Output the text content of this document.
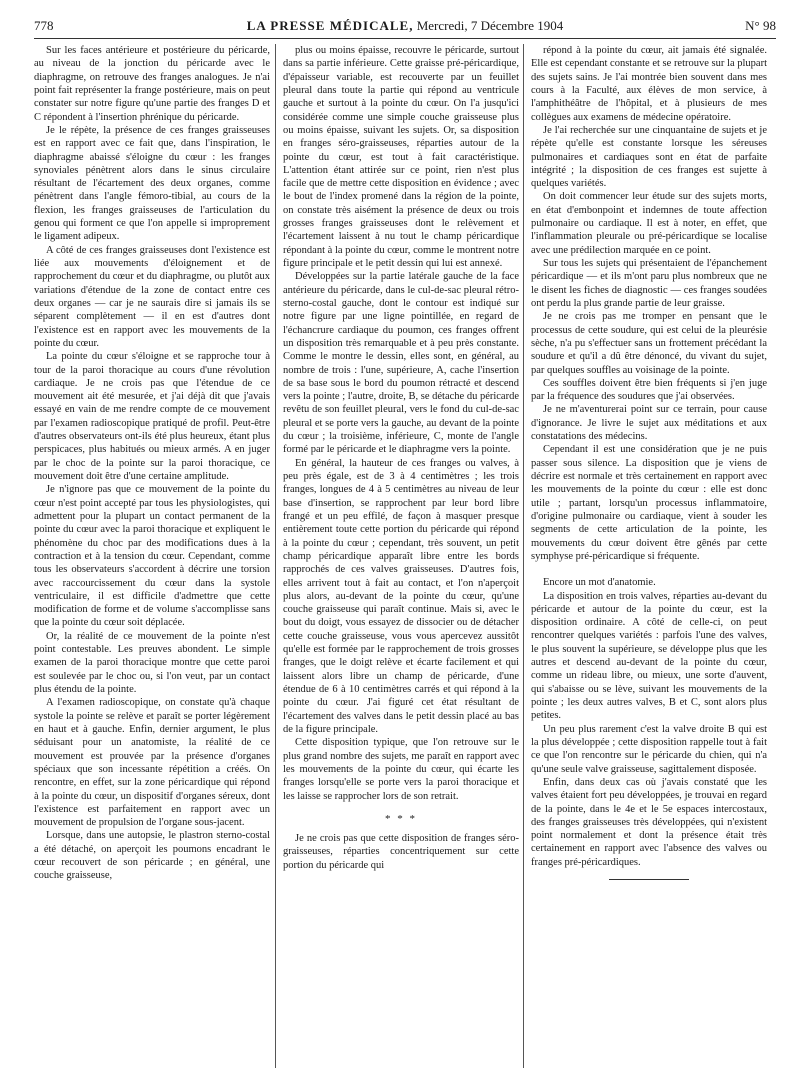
778	LA PRESSE MÉDICALE, Mercredi, 7 Décembre 1904	N° 98

Sur les faces antérieure et postérieure du péricarde, au niveau de la jonction du péricarde avec le diaphragme, on retrouve des franges analogues. Je n'ai point fait représenter la frange postérieure, mais on peut constater sur notre figure qu'une partie des franges D et C répondent à l'insertion phrénique du péricarde.

Je le répète, la présence de ces franges graisseuses est en rapport avec ce fait que, dans l'inspiration, le diaphragme abaissé s'éloigne du cœur : les franges synoviales pénètrent alors dans le sinus circulaire résultant de l'écartement des deux organes, comme pénètrent dans l'angle fémoro-tibial, au cours de la flexion, les franges graisseuses de l'articulation du genou qui forment ce que l'on appelle si improprement le ligament adipeux.

A côté de ces franges graisseuses dont l'existence est liée aux mouvements d'éloignement et de rapprochement du cœur et du diaphragme, ou plutôt aux variations d'étendue de la zone de contact entre ces deux organes — car je ne saurais dire si jamais ils se séparent complètement — il en est d'autres dont l'existence est en rapport avec les mouvements de la pointe du cœur.

La pointe du cœur s'éloigne et se rapproche tour à tour de la paroi thoracique au cours d'une révolution cardiaque. Je ne crois pas que l'étendue de ce mouvement ait été mesurée, et j'ai déjà dit que j'avais essayé en vain de me rendre compte de ce mouvement par l'examen radioscopique pratiqué de profil. Peut-être d'autres observateurs ont-ils été plus heureux, étant plus perspicaces, plus habitués ou mieux armés. A en juger par le choc de la pointe sur la paroi thoracique, ce mouvement doit être d'une certaine amplitude.

Je n'ignore pas que ce mouvement de la pointe du cœur n'est point accepté par tous les physiologistes, qui admettent pour la plupart un contact permanent de la pointe du cœur avec la paroi thoracique et expliquent le phénomène du choc par des modifications dues à la contraction et à la tension du cœur. Cependant, comme tous les observateurs s'accordent à décrire une torsion avec raccourcissement du cœur dans la systole ventriculaire, il est difficile d'admettre que cette modification de forme et de volume s'accomplisse sans que la pointe du cœur soit déplacée.

Or, la réalité de ce mouvement de la pointe n'est point contestable. Les preuves abondent. Le simple examen de la paroi thoracique montre que cette paroi est soulevée par le choc ou, si l'on veut, par un contact plus étendu de la pointe.

A l'examen radioscopique, on constate qu'à chaque systole la pointe se relève et paraît se porter légèrement en haut et à gauche. Enfin, dernier argument, le plus séduisant pour un anatomiste, la réalité de ce mouvement est prouvée par la présence d'organes spéciaux que son incessante répétition a créés. On rencontre, en effet, sur la zone péricardique qui répond à la pointe du cœur, un dispositif d'organes séreux, dont l'existence est parfaitement en rapport avec un mouvement de propulsion de l'organe sous-jacent.

Lorsque, dans une autopsie, le plastron sterno-costal a été détaché, on aperçoit les poumons encadrant le cœur recouvert de son péricarde ; en général, une couche graisseuse,

plus ou moins épaisse, recouvre le péricarde, surtout dans sa partie inférieure. Cette graisse pré-péricardique, d'épaisseur variable, est recouverte par un feuillet pleural dans toute la partie qui répond au ventricule gauche et surtout à la pointe du cœur. On l'a jusqu'ici considérée comme une simple couche graisseuse plus ou moins épaisse, suivant les sujets. Or, sa disposition en franges séro-graisseuses, réparties autour de la pointe du cœur, est tout à fait caractéristique. L'attention étant attirée sur ce point, rien n'est plus facile que de mettre cette disposition en évidence ; avec le bout de l'index promené dans la région de la pointe, on constate très aisément la présence de deux ou trois grosses franges graisseuses dont le relèvement et l'écartement laissent à nu tout le champ péricardique répondant à la pointe du cœur, comme le montrent notre figure principale et le petit dessin qui lui est annexé.

Développées sur la partie latérale gauche de la face antérieure du péricarde, dans le cul-de-sac pleural rétro-sterno-costal gauche, dont le contour est indiqué sur notre figure par une ligne pointillée, en regard de l'échancrure cardiaque du poumon, ces franges offrent un disposition très remarquable et à peu près constante. Comme le montre le dessin, elles sont, en général, au nombre de trois : l'une, supérieure, A, cache l'insertion de sa base sous le bord du poumon rétracté et descend vers la pointe ; l'autre, droite, B, se détache du péricarde revêtu de son feuillet pleural, vers le fond du cul-de-sac pleural et se porte vers la gauche, au devant de la pointe du cœur ; la troisième, inférieure, C, monte de l'angle formé par le péricarde et le diaphragme vers la pointe.

En général, la hauteur de ces franges ou valves, à peu près égale, est de 3 à 4 centimètres ; les trois franges, longues de 4 à 5 centimètres au niveau de leur base d'insertion, se rapprochent par leur bord libre frangé et un peu effilé, de façon à masquer presque entièrement toute cette portion du péricarde qui répond à la pointe du cœur ; cependant, très souvent, un petit champ péricardique apparaît libre entre les bords rapprochés de ces valves graisseuses. D'autres fois, elles arrivent tout à fait au contact, et l'on n'aperçoit plus alors, au-devant de la pointe du cœur, qu'une couche graisseuse qui paraît continue. Mais si, avec le bout du doigt, vous essayez de dissocier ou de détacher cette couche graisseuse, vous vous apercevez aussitôt qu'elle est formée par le rapprochement de trois grosses franges, que le doigt relève et écarte facilement et qui laissent alors libre un champ de péricarde, d'une étendue de 6 à 10 centimètres carrés et qui répond à la pointe du cœur. J'ai figuré cet état résultant de l'écartement des valves dans le petit dessin placé au bas de la figure principale.

Cette disposition typique, que l'on retrouve sur le plus grand nombre des sujets, me paraît en rapport avec les mouvements de la pointe du cœur, qui écarte les franges lorsqu'elle se porte vers la paroi thoracique et les laisse se rapprocher lors de son retrait.

* * *

Je ne crois pas que cette disposition de franges séro-graisseuses, réparties concentriquement sur cette portion du péricarde qui

répond à la pointe du cœur, ait jamais été signalée. Elle est cependant constante et se retrouve sur la plupart des sujets sains. Je l'ai montrée bien souvent dans mes cours à la Faculté, aux élèves de mon service, à l'amphithéâtre de l'hôpital, et à plusieurs de mes collègues aux examens de médecine opératoire.

Je l'ai recherchée sur une cinquantaine de sujets et je répète qu'elle est constante lorsque les séreuses pulmonaires et cardiaques sont en état de parfaite intégrité ; la disposition de ces franges est sujette à quelques variétés.

On doit commencer leur étude sur des sujets morts, en état d'embonpoint et indemnes de toute affection pulmonaire ou cardiaque. Il est à noter, en effet, que l'inflammation pleurale ou pré-péricardique se localise avec une prédilection marquée en ce point.

Sur tous les sujets qui présentaient de l'épanchement péricardique — et ils m'ont paru plus nombreux que ne le disent les fiches de diagnostic — ces franges soudées ont perdu la plus grande partie de leur graisse.

Je ne crois pas me tromper en pensant que le processus de cette soudure, qui est celui de la pleurésie sèche, n'a pu s'effectuer sans un frottement précédant la soudure et qu'il a dû être dénoncé, du vivant du sujet, par quelques souffles au voisinage de la pointe.

Ces souffles doivent être bien fréquents si j'en juge par la fréquence des soudures que j'ai observées.

Je ne m'aventurerai point sur ce terrain, pour cause d'ignorance. Je livre le sujet aux méditations et aux constatations des médecins.

Cependant il est une considération que je ne puis passer sous silence. La disposition que je viens de décrire est normale et très certainement en rapport avec les mouvements de la pointe du cœur : elle est donc utile ; partant, lorsqu'un processus inflammatoire, d'origine pulmonaire ou cardiaque, vient à souder les segments de cette articulation de la pointe, les mouvements du cœur doivent être gênés par cette symphyse pré-péricardique si fréquente.

Encore un mot d'anatomie.

La disposition en trois valves, réparties au-devant du péricarde et autour de la pointe du cœur, est la disposition ordinaire. A côté de celle-ci, on peut rencontrer quelques variétés : parfois l'une des valves, le plus souvent la supérieure, se développe plus que les autres et descend au-devant de la pointe du cœur, comme un rideau libre, ou mieux, une sorte d'auvent, qui s'abaisse ou se lève, suivant les mouvements de la pointe ; les deux autres valves, B et C, sont alors plus petites.

Un peu plus rarement c'est la valve droite B qui est la plus développée ; cette disposition rappelle tout à fait ce que l'on rencontre sur le péricarde du chien, qui n'a qu'une seule valve graisseuse, sagittalement disposée.

Enfin, dans deux cas où j'avais constaté que les valves étaient fort peu développées, je trouvai en regard de la pointe, dans le 4e et le 5e espaces intercostaux, des franges graisseuses très développées, qui n'existent point normalement et dont la présence était très certainement en rapport avec l'absence des valves ou franges pré-péricardiques.
